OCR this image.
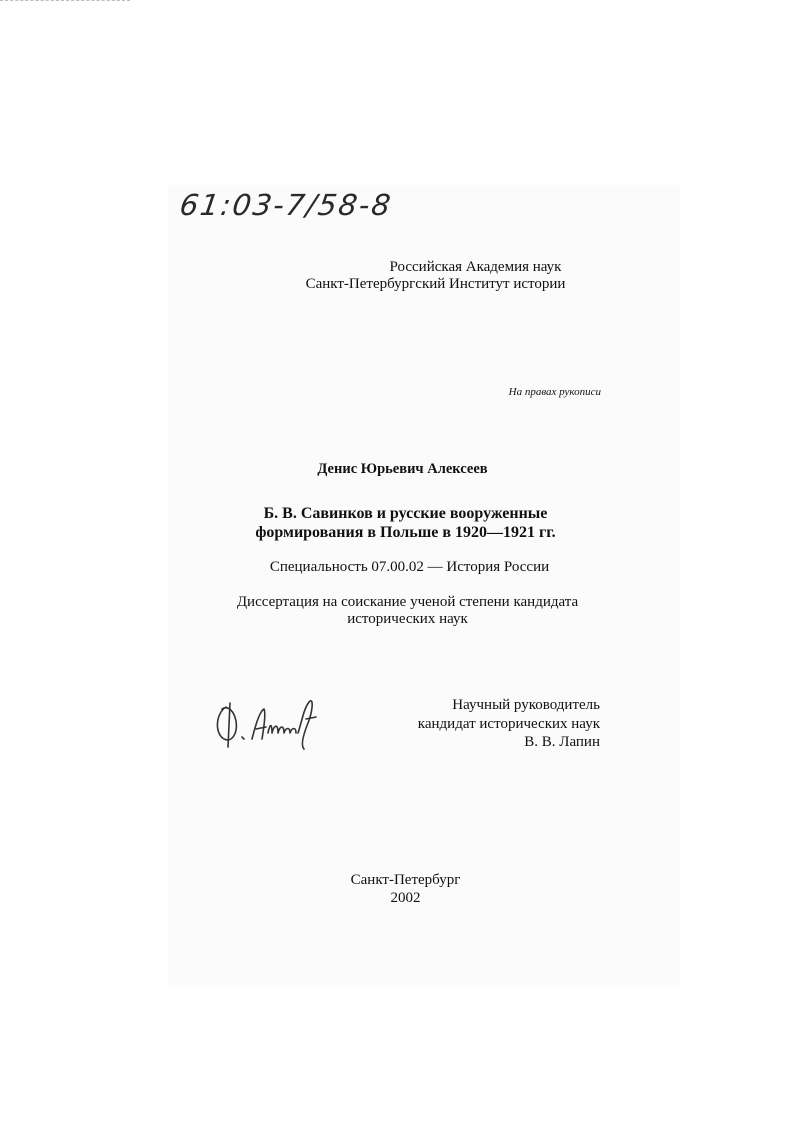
61:03-7/58-8
Российская Академия наук
Санкт-Петербургский Институт истории
На правах рукописи
Денис Юрьевич Алексеев
Б. В. Савинков и русские вооруженные
формирования в Польше в 1920—1921 гг.
Специальность 07.00.02 — История России
Диссертация на соискание ученой степени кандидата
исторических наук
Научный руководитель
кандидат исторических наук
В. В. Лапин
Санкт-Петербург
2002
